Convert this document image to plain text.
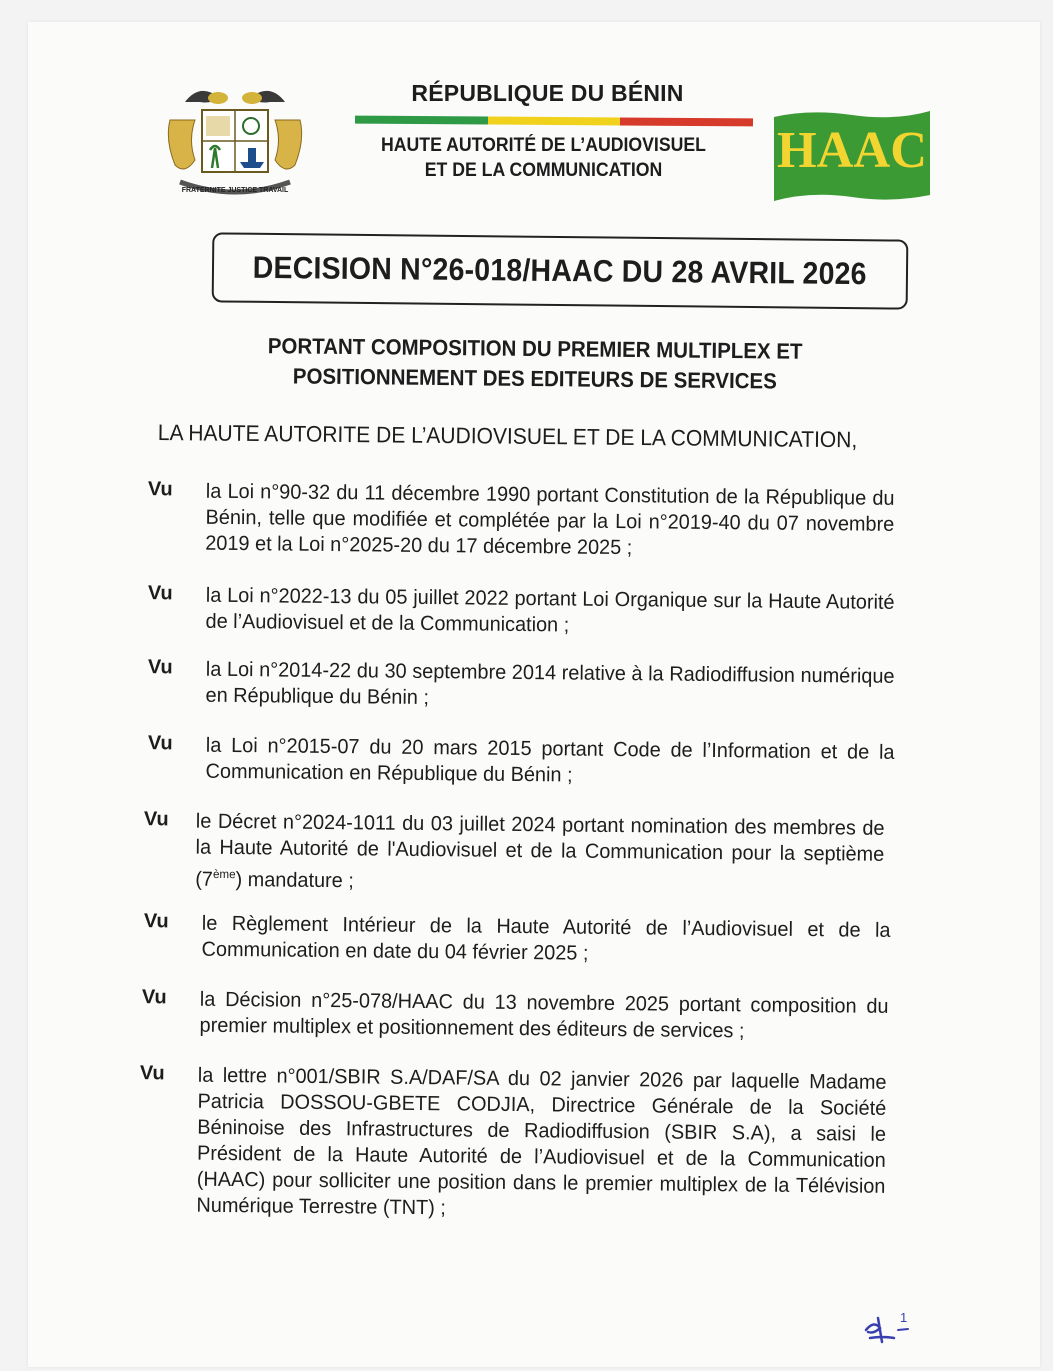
FRATERNITE JUSTICE TRAVAIL
RÉPUBLIQUE DU BÉNIN
HAUTE AUTORITÉ DE L’AUDIOVISUEL
ET DE LA COMMUNICATION	HAAC
DECISION N°26-018/HAAC DU 28 AVRIL 2026
PORTANT COMPOSITION DU PREMIER MULTIPLEX ET
POSITIONNEMENT DES EDITEURS DE SERVICES
LA HAUTE AUTORITE DE L’AUDIOVISUEL ET DE LA COMMUNICATION,
Vu la Loi n°90-32 du 11 décembre 1990 portant Constitution de la République du Bénin, telle que modifiée et complétée par la Loi n°2019-40 du 07 novembre 2019 et la Loi n°2025-20 du 17 décembre 2025 ;
Vu la Loi n°2022-13 du 05 juillet 2022 portant Loi Organique sur la Haute Autorité de l’Audiovisuel et de la Communication ;
Vu la Loi n°2014-22 du 30 septembre 2014 relative à la Radiodiffusion numérique en République du Bénin ;
Vu la Loi n°2015-07 du 20 mars 2015 portant Code de l’Information et de la Communication en République du Bénin ;
Vu le Décret n°2024-1011 du 03 juillet 2024 portant nomination des membres de la Haute Autorité de l'Audiovisuel et de la Communication pour la septième (7ème) mandature ;
Vu le Règlement Intérieur de la Haute Autorité de l’Audiovisuel et de la Communication en date du 04 février 2025 ;
Vu la Décision n°25-078/HAAC du 13 novembre 2025 portant composition du premier multiplex et positionnement des éditeurs de services ;
Vu la lettre n°001/SBIR S.A/DAF/SA du 02 janvier 2026 par laquelle Madame Patricia DOSSOU-GBETE CODJIA, Directrice Générale de la Société Béninoise des Infrastructures de Radiodiffusion (SBIR S.A), a saisi le Président de la Haute Autorité de l’Audiovisuel et de la Communication (HAAC) pour solliciter une position dans le premier multiplex de la Télévision Numérique Terrestre (TNT) ;
1
